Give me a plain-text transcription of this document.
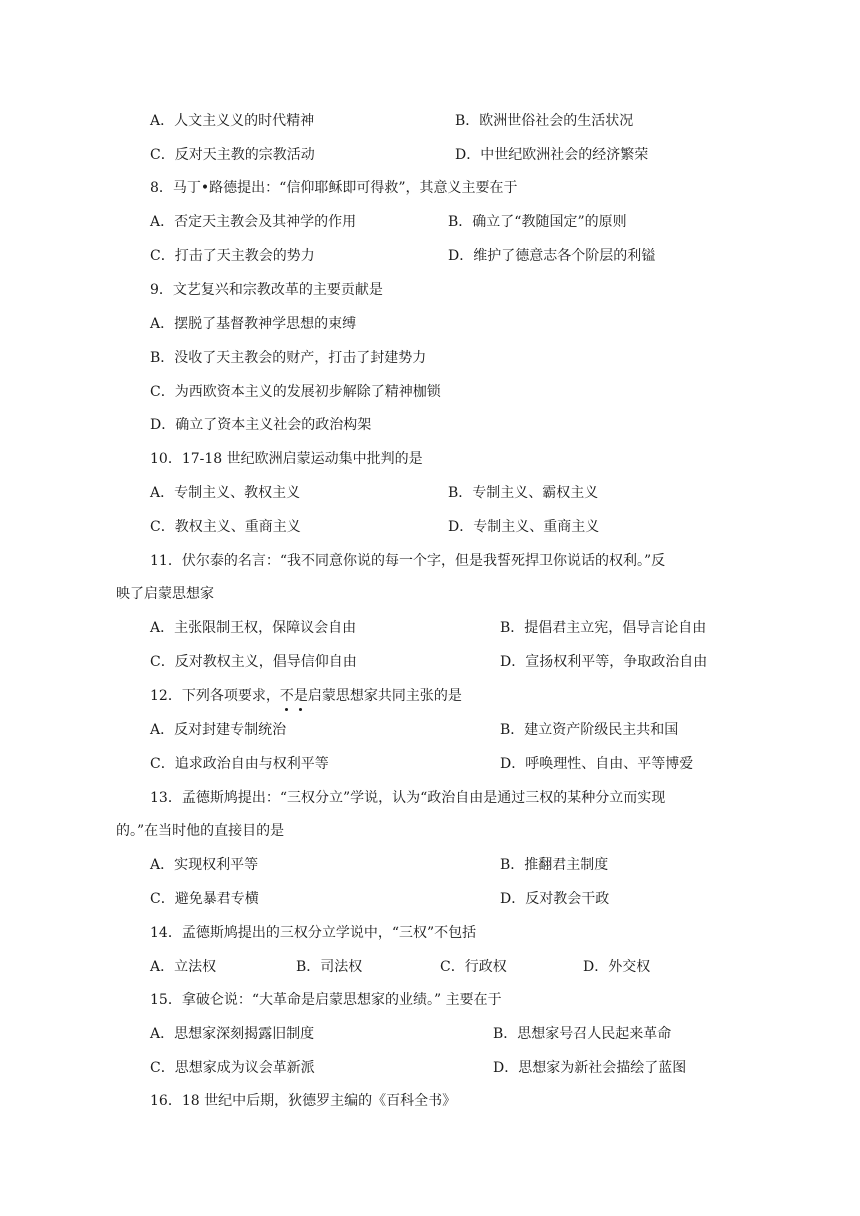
A．人文主义义的时代精神	B．欧洲世俗社会的生活状况
C．反对天主教的宗教活动	D．中世纪欧洲社会的经济繁荣
8．马丁•路德提出：“信仰耶稣即可得救”，其意义主要在于
A．否定天主教会及其神学的作用	B．确立了“教随国定”的原则
C．打击了天主教会的势力	D．维护了德意志各个阶层的利镒
9．文艺复兴和宗教改革的主要贡献是
A．摆脱了基督教神学思想的束缚
B．没收了天主教会的财产，打击了封建势力
C．为西欧资本主义的发展初步解除了精神枷锁
D．确立了资本主义社会的政治构架
10．17-18 世纪欧洲启蒙运动集中批判的是
A．专制主义、教权主义	B．专制主义、霸权主义
C．教权主义、重商主义	D．专制主义、重商主义
11．伏尔泰的名言：“我不同意你说的每一个字，但是我誓死捍卫你说话的权利。”反
映了启蒙思想家
A．主张限制王权，保障议会自由	B．提倡君主立宪，倡导言论自由
C．反对教权主义，倡导信仰自由	D．宣扬权利平等，争取政治自由
12．下列各项要求，不是启蒙思想家共同主张的是
A．反对封建专制统治	B．建立资产阶级民主共和国
C．追求政治自由与权利平等	D．呼唤理性、自由、平等博爱
13．孟德斯鸠提出：“三权分立”学说，认为“政治自由是通过三权的某种分立而实现
的。”在当时他的直接目的是
A．实现权利平等	B．推翻君主制度
C．避免暴君专横	D．反对教会干政
14．孟德斯鸠提出的三权分立学说中，“三权”不包括
A．立法权	B．司法权	C．行政权	D．外交权
15．拿破仑说：“大革命是启蒙思想家的业绩。” 主要在于
A．思想家深刻揭露旧制度	B．思想家号召人民起来革命
C．思想家成为议会革新派	D．思想家为新社会描绘了蓝图
16．18 世纪中后期，狄德罗主编的《百科全书》
